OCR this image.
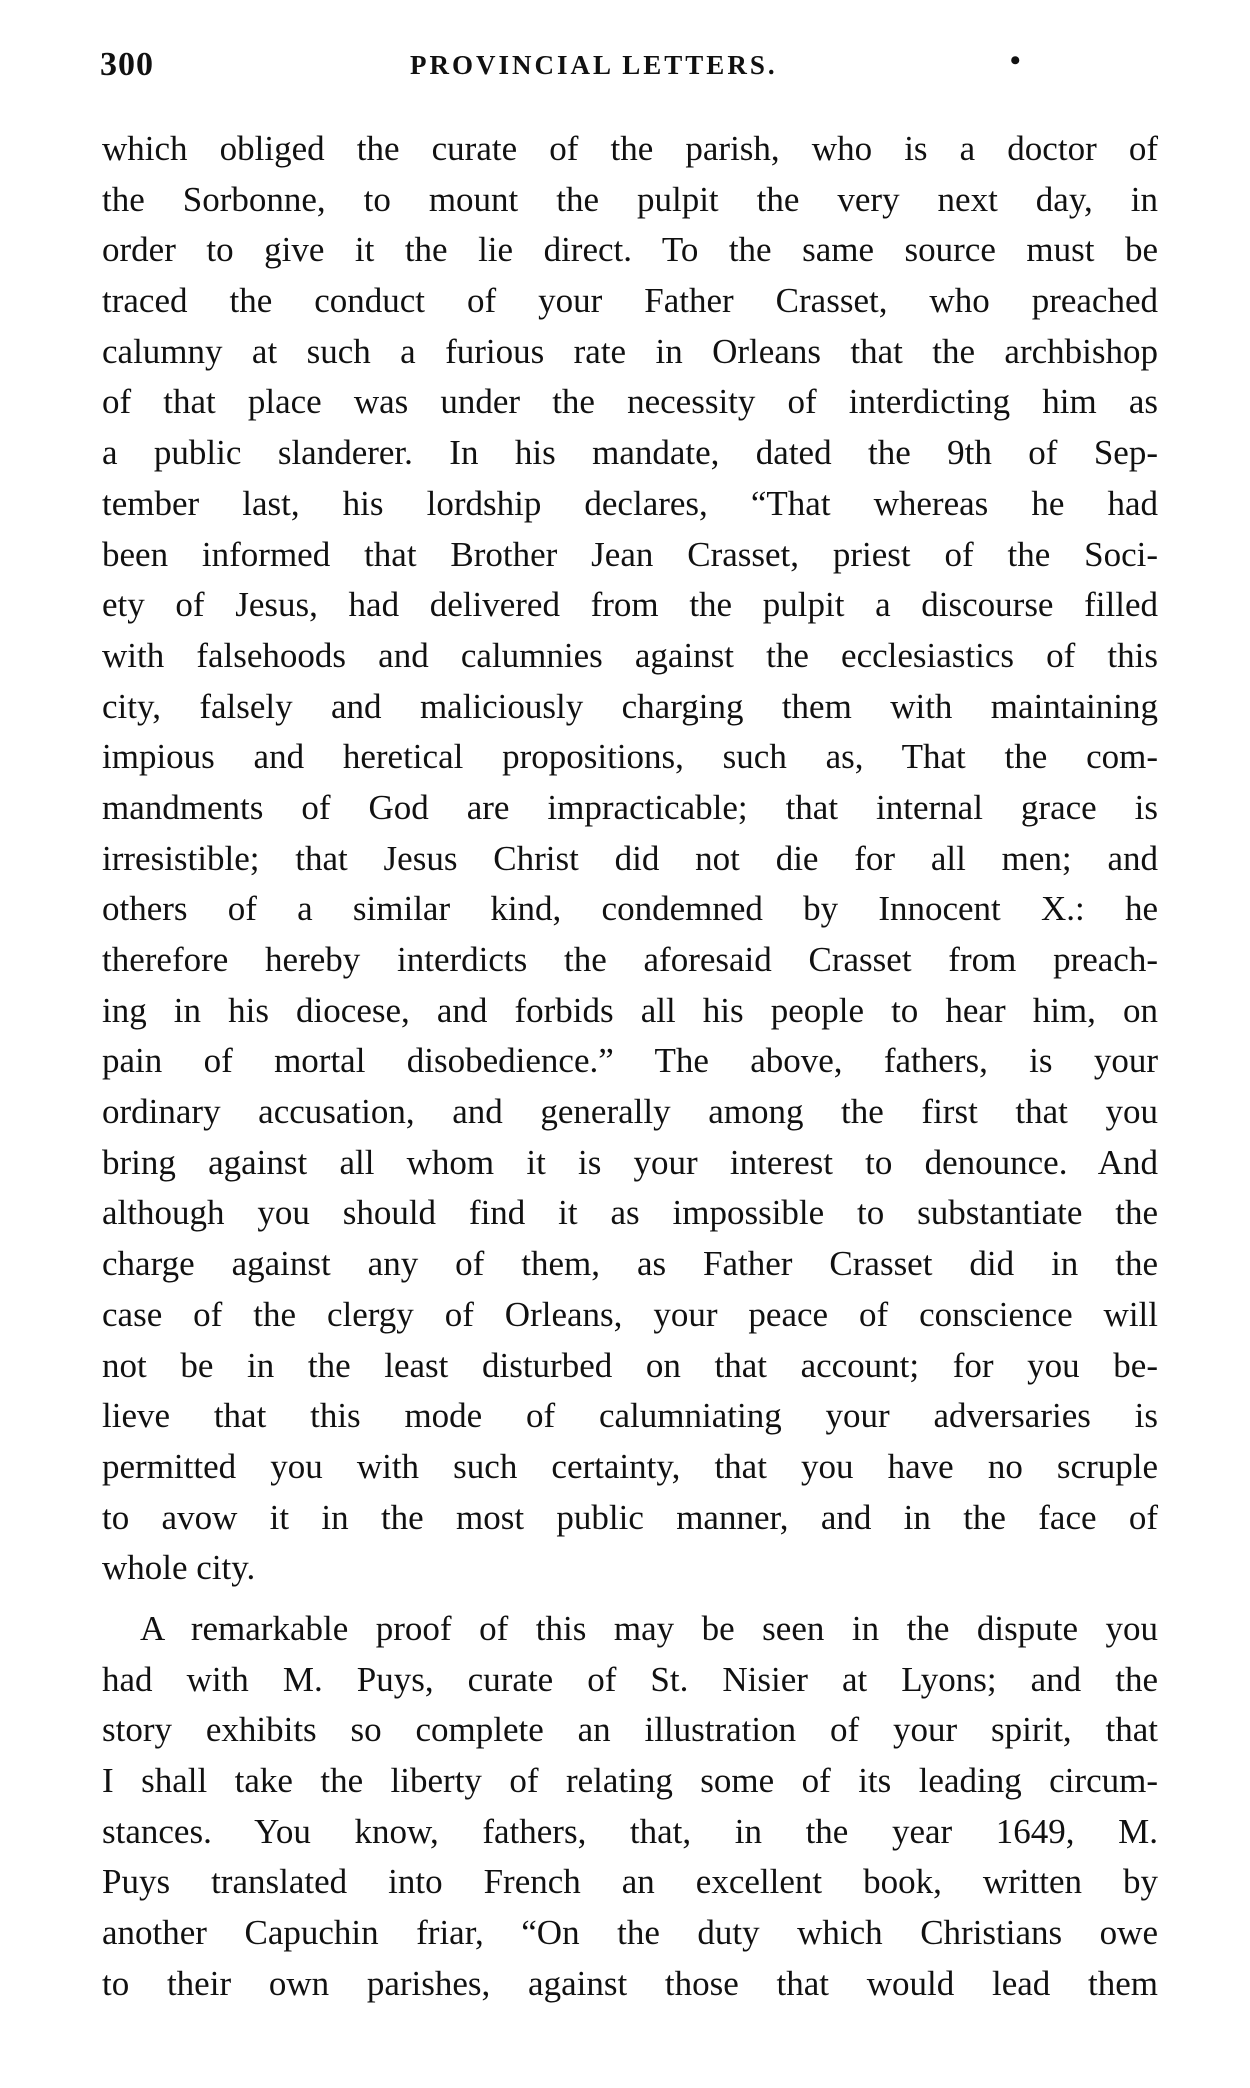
300	PROVINCIAL LETTERS.	•
which obliged the curate of the parish, who is a doctor of
the Sorbonne, to mount the pulpit the very next day, in
order to give it the lie direct. To the same source must be
traced the conduct of your Father Crasset, who preached
calumny at such a furious rate in Orleans that the archbishop
of that place was under the necessity of interdicting him as
a public slanderer. In his mandate, dated the 9th of Sep-
tember last, his lordship declares, “That whereas he had
been informed that Brother Jean Crasset, priest of the Soci-
ety of Jesus, had delivered from the pulpit a discourse filled
with falsehoods and calumnies against the ecclesiastics of this
city, falsely and maliciously charging them with maintaining
impious and heretical propositions, such as, That the com-
mandments of God are impracticable; that internal grace is
irresistible; that Jesus Christ did not die for all men; and
others of a similar kind, condemned by Innocent X.: he
therefore hereby interdicts the aforesaid Crasset from preach-
ing in his diocese, and forbids all his people to hear him, on
pain of mortal disobedience.” The above, fathers, is your
ordinary accusation, and generally among the first that you
bring against all whom it is your interest to denounce. And
although you should find it as impossible to substantiate the
charge against any of them, as Father Crasset did in the
case of the clergy of Orleans, your peace of conscience will
not be in the least disturbed on that account; for you be-
lieve that this mode of calumniating your adversaries is
permitted you with such certainty, that you have no scruple
to avow it in the most public manner, and in the face of
whole city.
A remarkable proof of this may be seen in the dispute you
had with M. Puys, curate of St. Nisier at Lyons; and the
story exhibits so complete an illustration of your spirit, that
I shall take the liberty of relating some of its leading circum-
stances. You know, fathers, that, in the year 1649, M.
Puys translated into French an excellent book, written by
another Capuchin friar, “On the duty which Christians owe
to their own parishes, against those that would lead them
